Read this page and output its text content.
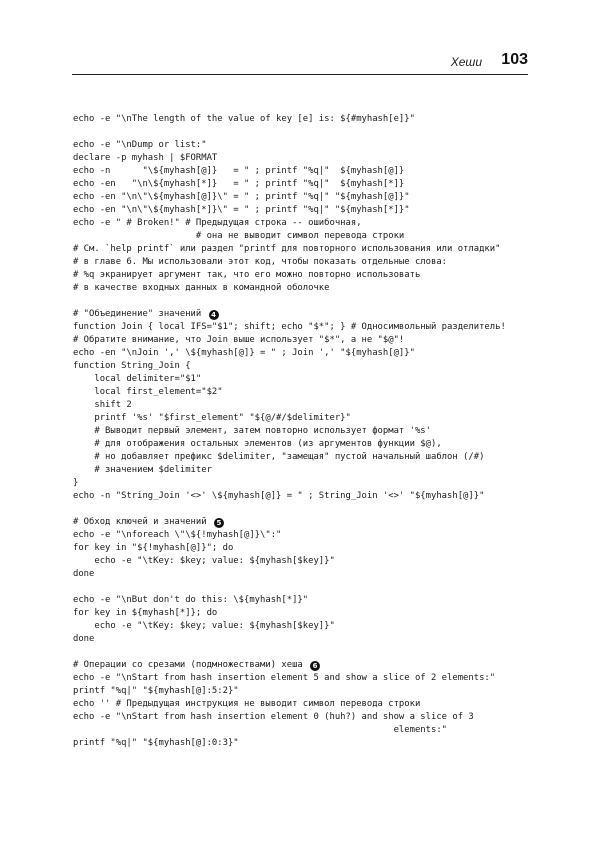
Хеши 103
echo -e "\nThe length of the value of key [e] is: ${#myhash[e]}"
echo -e "\nDump or list:"
declare -p myhash | $FORMAT
echo -n      "\${myhash[@]}   = " ; printf "%q|"  ${myhash[@]}
echo -en   "\n\${myhash[*]}   = " ; printf "%q|"  ${myhash[*]}
echo -en "\n\"\${myhash[@]}\" = " ; printf "%q|" "${myhash[@]}"
echo -en "\n\"\${myhash[*]}\" = " ; printf "%q|" "${myhash[*]}"
echo -e " # Broken!" # Предыдущая строка -- ошибочная,
# она не выводит символ перевода строки
# См. `help printf` или раздел "printf для повторного использования или отладки"
# в главе 6. Мы использовали этот код, чтобы показать отдельные слова:
# %q экранирует аргумент так, что его можно повторно использовать
# в качестве входных данных в командной оболочке
# "Объединение" значений 4
function Join { local IFS="$1"; shift; echo "$*"; } # Односимвольный разделитель!
# Обратите внимание, что Join выше использует "$*", а не "$@"!
echo -en "\nJoin ',' \${myhash[@]} = " ; Join ',' "${myhash[@]}"
function String_Join {
local delimiter="$1"
local first_element="$2"
shift 2
printf '%s' "$first_element" "${@/#/$delimiter}"
# Выводит первый элемент, затем повторно использует формат '%s'
# для отображения остальных элементов (из аргументов функции $@),
# но добавляет префикс $delimiter, "замещая" пустой начальный шаблон (/#)
# значением $delimiter
}
echo -n "String_Join '<>' \${myhash[@]} = " ; String_Join '<>' "${myhash[@]}"
# Обход ключей и значений 5
echo -e "\nforeach \"\${!myhash[@]}\":"
for key in "${!myhash[@]}"; do
echo -e "\tKey: $key; value: ${myhash[$key]}"
done
echo -e "\nBut don't do this: \${myhash[*]}"
for key in ${myhash[*]}; do
echo -e "\tKey: $key; value: ${myhash[$key]}"
done
# Операции со срезами (подмножествами) хеша 6
echo -e "\nStart from hash insertion element 5 and show a slice of 2 elements:"
printf "%q|" "${myhash[@]:5:2}"
echo '' # Предыдущая инструкция не выводит символ перевода строки
echo -e "\nStart from hash insertion element 0 (huh?) and show a slice of 3
elements:"
printf "%q|" "${myhash[@]:0:3}"
